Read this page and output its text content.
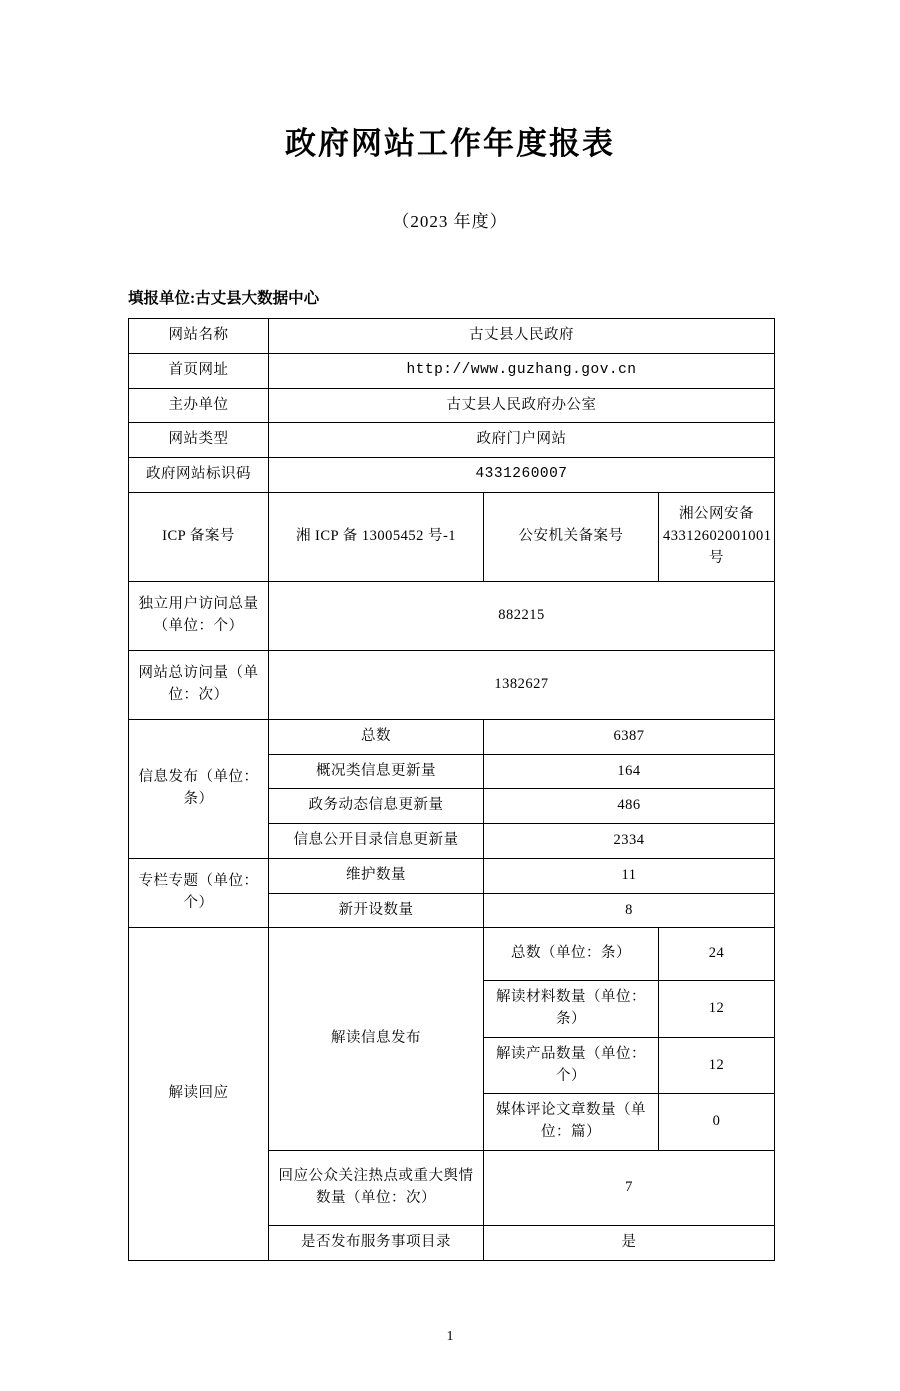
政府网站工作年度报表
（2023 年度）
填报单位:古丈县大数据中心
网站名称	古丈县人民政府		
首页网址	http://www.guzhang.gov.cn		
主办单位	古丈县人民政府办公室		
网站类型	政府门户网站		
政府网站标识码	4331260007		
ICP 备案号	湘 ICP 备 13005452 号-1	公安机关备案号	湘公网安备 43312602001001 号
独立用户访问总量（单位：个）	882215		
网站总访问量（单位：次）	1382627		
信息发布（单位：条）	总数	6387	
	概况类信息更新量	164	
	政务动态信息更新量	486	
	信息公开目录信息更新量	2334	
专栏专题（单位：个）	维护数量	11	
	新开设数量	8	
解读回应	解读信息发布	总数（单位：条）	24
		解读材料数量（单位：条）	12
		解读产品数量（单位：个）	12
		媒体评论文章数量（单位：篇）	0
	回应公众关注热点或重大舆情数量（单位：次）	7	
	是否发布服务事项目录	是	
1
